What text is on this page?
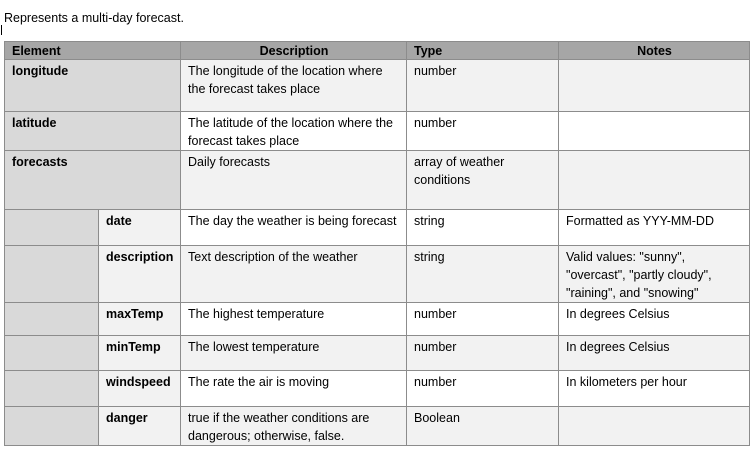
Represents a multi-day forecast.
Element		Description	Type	Notes
longitude		The longitude of the location where the forecast takes place	number	
latitude		The latitude of the location where the forecast takes place	number	
forecasts		Daily forecasts	array of weather conditions	
	date	The day the weather is being forecast	string	Formatted as YYY-MM-DD
	description	Text description of the weather	string	Valid values: "sunny", "overcast", "partly cloudy", "raining", and "snowing"
	maxTemp	The highest temperature	number	In degrees Celsius
	minTemp	The lowest temperature	number	In degrees Celsius
	windspeed	The rate the air is moving	number	In kilometers per hour
	danger	true if the weather conditions are dangerous; otherwise, false.	Boolean	
